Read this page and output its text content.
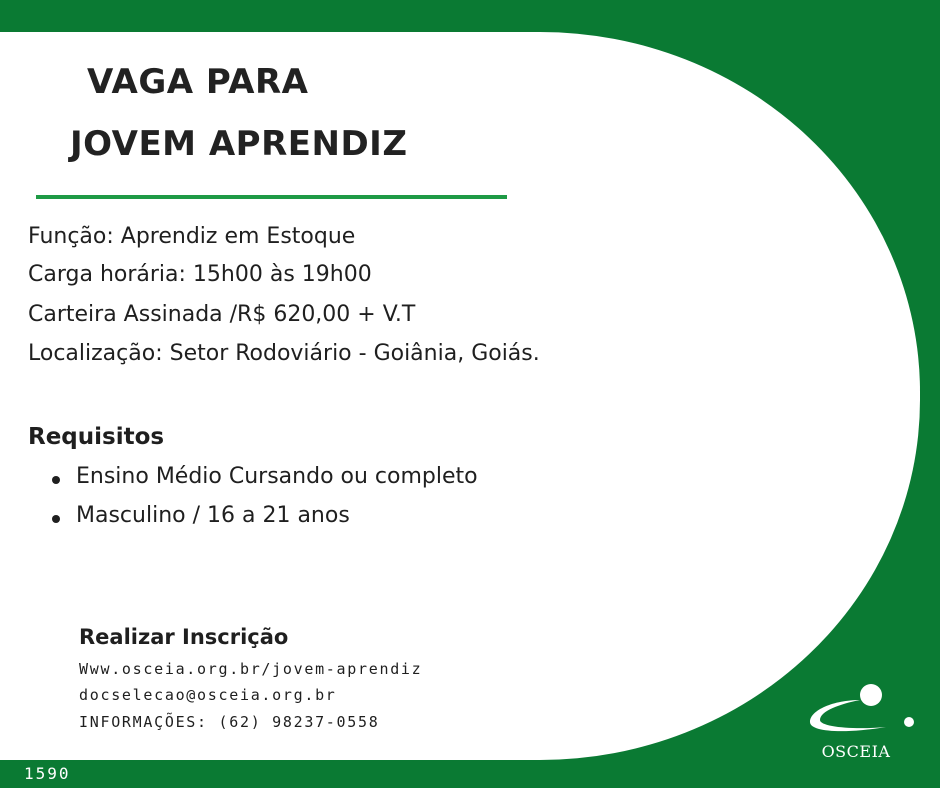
VAGA PARA
JOVEM APRENDIZ
Função: Aprendiz em Estoque
Carga horária: 15h00 às 19h00
Carteira Assinada /R$ 620,00 + V.T
Localização: Setor Rodoviário - Goiânia, Goiás.
Requisitos
Ensino Médio Cursando ou completo
Masculino / 16 a 21 anos
Realizar Inscrição
Www.osceia.org.br/jovem-aprendiz
docselecao@osceia.org.br
INFORMAÇÕES: (62) 98237-0558
1590
OSCEIA
